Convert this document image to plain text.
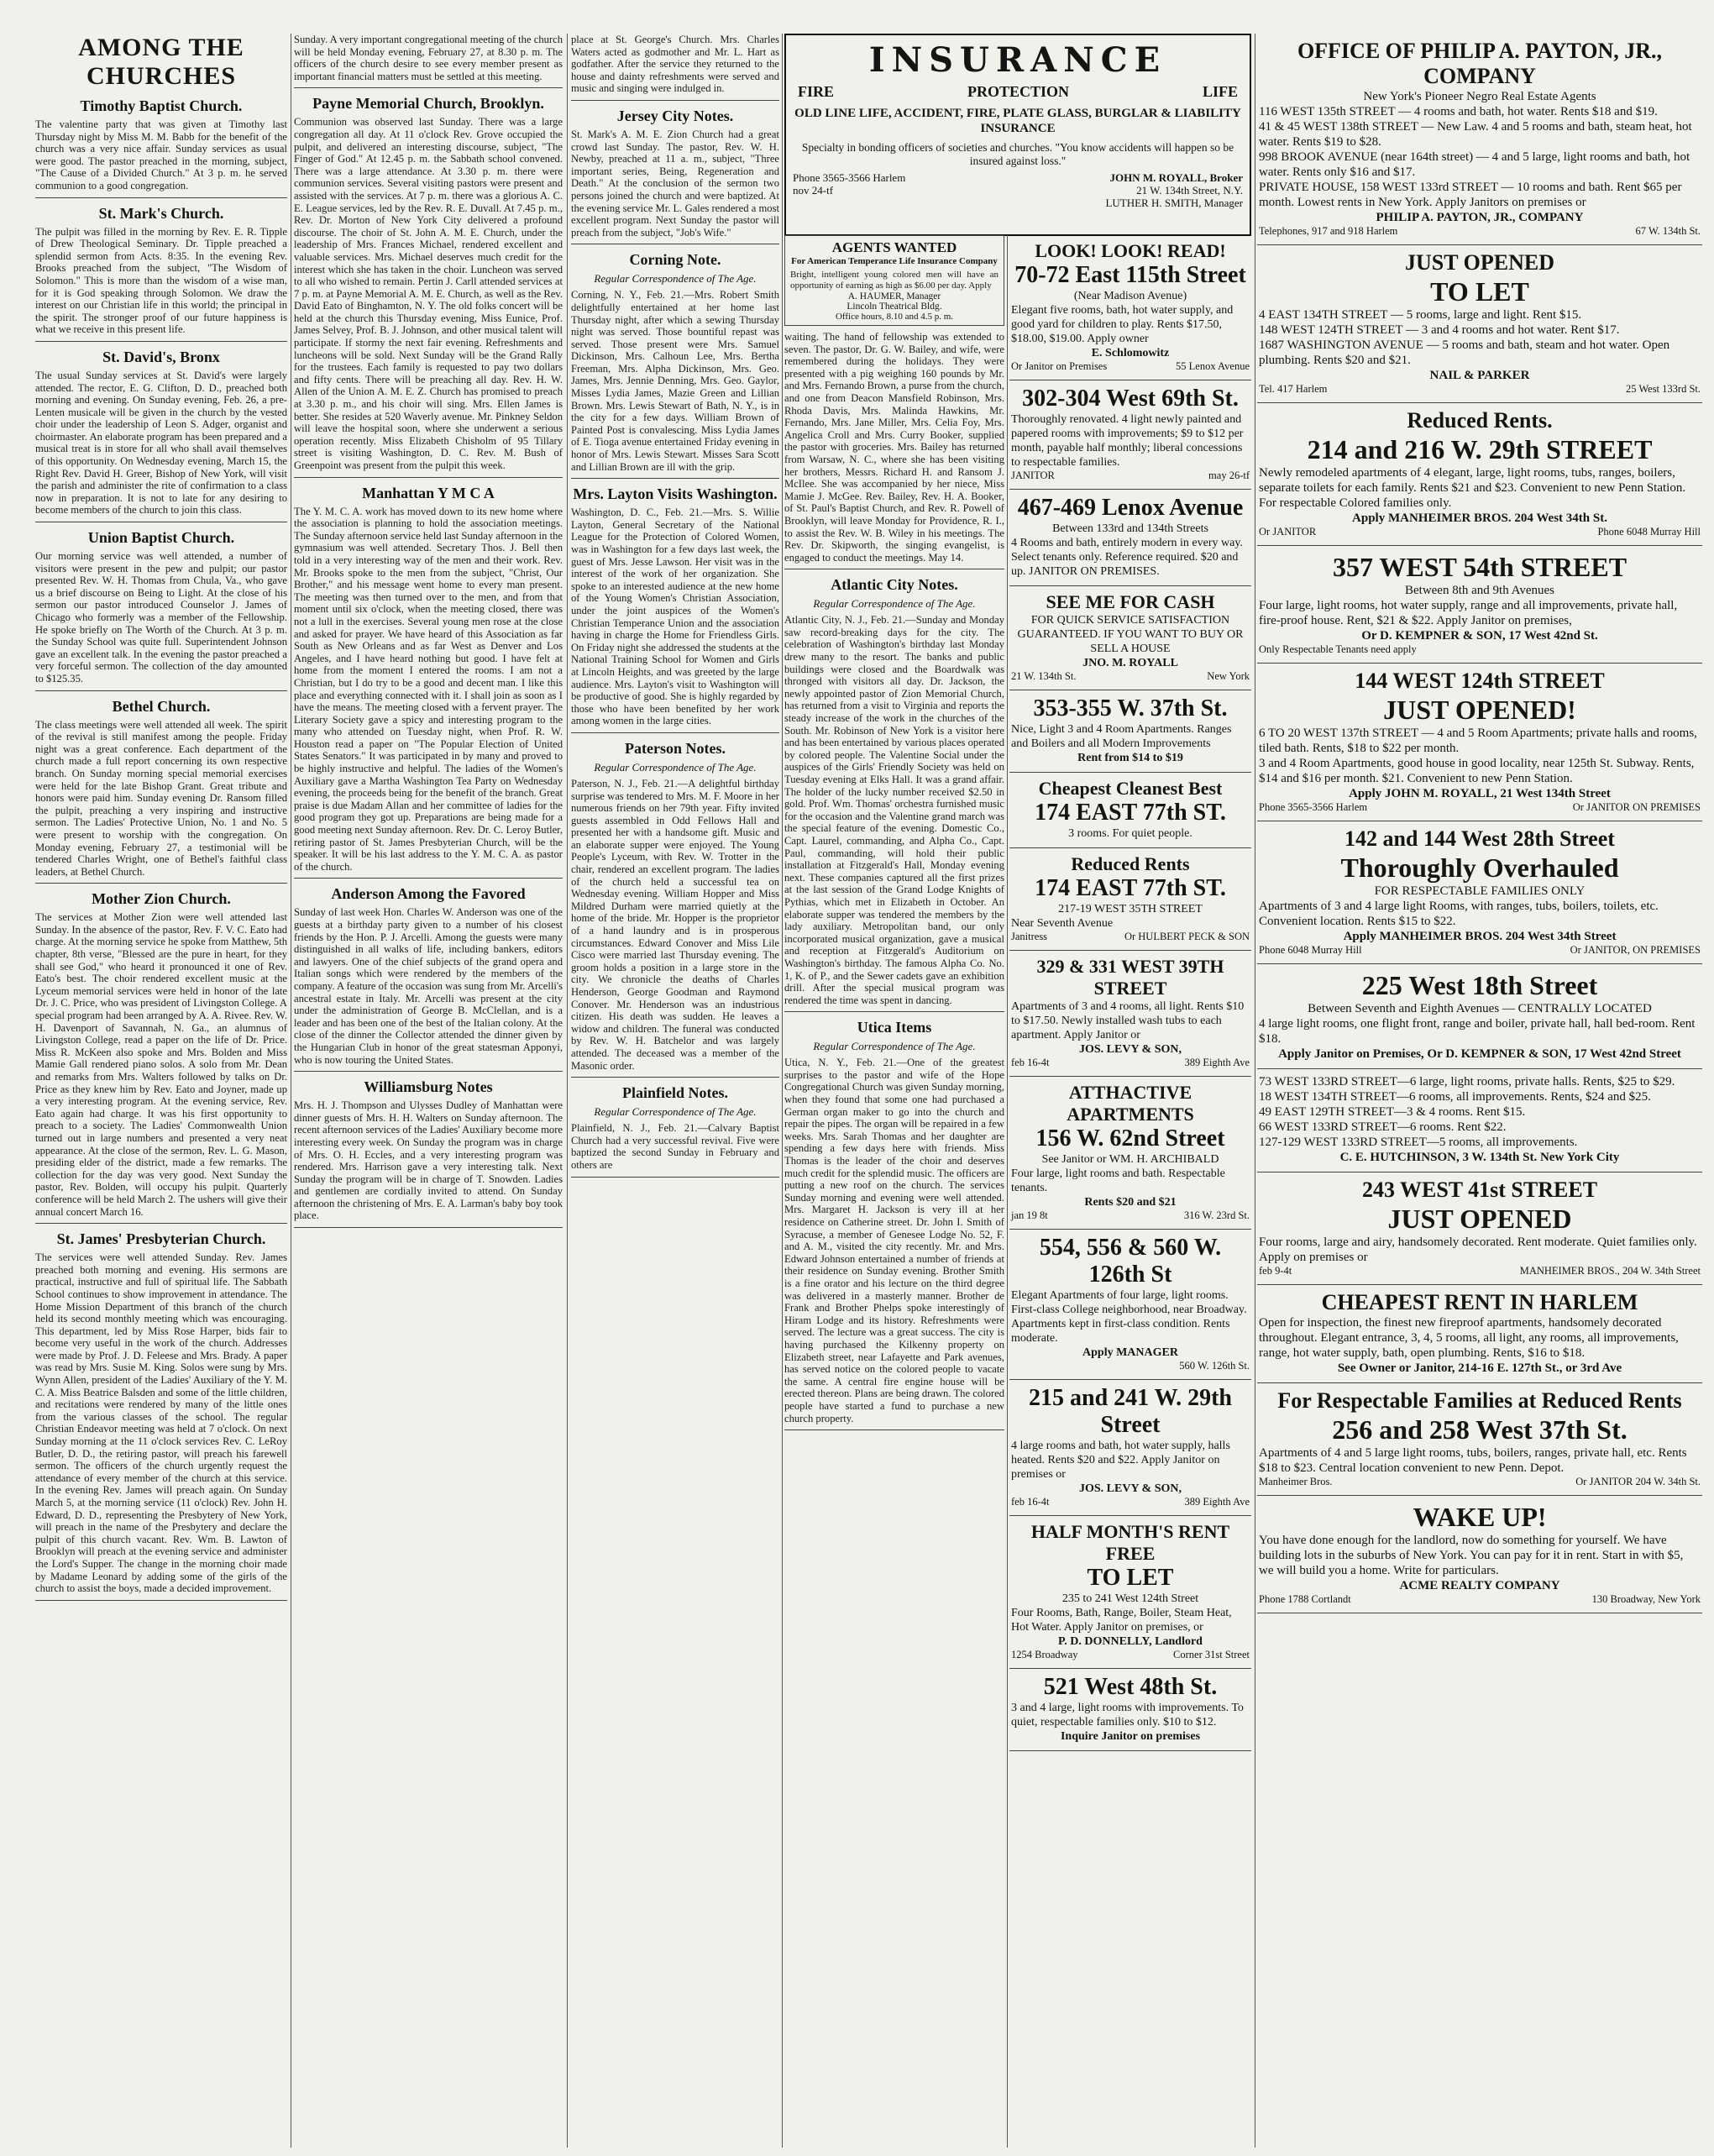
AMONG THE CHURCHES
Timothy Baptist Church.

The valentine party that was given at Timothy last Thursday night by Miss M. M. Babb for the benefit of the church was a very nice affair. Sunday services as usual were good. The pastor preached in the morning, subject, "The Cause of a Divided Church." At 3 p. m. he served communion to a good congregation.

St. Mark's Church.

The pulpit was filled in the morning by Rev. E. R. Tipple of Drew Theological Seminary. Dr. Tipple preached a splendid sermon from Acts. 8:35. In the evening Rev. Brooks preached from the subject, "The Wisdom of Solomon." This is more than the wisdom of a wise man, for it is God speaking through Solomon. We draw the interest on our Christian life in this world; the principal in the spirit. The stronger proof of our future happiness is what we receive in this present life.

St. David's, Bronx

The usual Sunday services at St. David's were largely attended. The rector, E. G. Clifton, D. D., preached both morning and evening. On Sunday evening, Feb. 26, a pre-Lenten musicale will be given in the church by the vested choir under the leadership of Leon S. Adger, organist and choirmaster. An elaborate program has been prepared and a musical treat is in store for all who shall avail themselves of this opportunity. On Wednesday evening, March 15, the Right Rev. David H. Greer, Bishop of New York, will visit the parish and administer the rite of confirmation to a class now in preparation. It is not to late for any desiring to become members of the church to join this class.

Union Baptist Church.

Our morning service was well attended, a number of visitors were present in the pew and pulpit; our pastor presented Rev. W. H. Thomas from Chula, Va., who gave us a brief discourse on Being to Light. At the close of his sermon our pastor introduced Counselor J. James of Chicago who formerly was a member of the Fellowship. He spoke briefly on The Worth of the Church. At 3 p. m. the Sunday School was quite full. Superintendent Johnson gave an excellent talk. In the evening the pastor preached a very forceful sermon. The collection of the day amounted to $125.35.

Bethel Church.

The class meetings were well attended all week. The spirit of the revival is still manifest among the people. Friday night was a great conference. Each department of the church made a full report concerning its own respective branch. On Sunday morning special memorial exercises were held for the late Bishop Grant. Great tribute and honors were paid him. Sunday evening Dr. Ransom filled the pulpit, preaching a very inspiring and instructive sermon. The Ladies' Protective Union, No. 1 and No. 5 were present to worship with the congregation. On Monday evening, February 27, a testimonial will be tendered Charles Wright, one of Bethel's faithful class leaders, at Bethel Church.

Mother Zion Church.

The services at Mother Zion were well attended last Sunday. In the absence of the pastor, Rev. F. V. C. Eato had charge. At the morning service he spoke from Matthew, 5th chapter, 8th verse, "Blessed are the pure in heart, for they shall see God," who heard it pronounced it one of Rev. Eato's best. The choir rendered excellent music at the Lyceum memorial services were held in honor of the late Dr. J. C. Price, who was president of Livingston College. A special program had been arranged by A. A. Rivee. Rev. W. H. Davenport of Savannah, N. Ga., an alumnus of Livingston College, read a paper on the life of Dr. Price. Miss R. McKeen also spoke and Mrs. Bolden and Miss Mamie Gall rendered piano solos. A solo from Mr. Dean and remarks from Mrs. Walters followed by talks on Dr. Price as they knew him by Rev. Eato and Joyner, made up a very interesting program. At the evening service, Rev. Eato again had charge. It was his first opportunity to preach to a society. The Ladies' Commonwealth Union turned out in large numbers and presented a very neat appearance. At the close of the sermon, Rev. L. G. Mason, presiding elder of the district, made a few remarks. The collection for the day was very good. Next Sunday the pastor, Rev. Bolden, will occupy his pulpit. Quarterly conference will be held March 2. The ushers will give their annual concert March 16.

St. James' Presbyterian Church.

The services were well attended Sunday. Rev. James preached both morning and evening. His sermons are practical, instructive and full of spiritual life. The Sabbath School continues to show improvement in attendance. The Home Mission Department of this branch of the church held its second monthly meeting which was encouraging. This department, led by Miss Rose Harper, bids fair to become very useful in the work of the church. Addresses were made by Prof. J. D. Feleese and Mrs. Brady. A paper was read by Mrs. Susie M. King. Solos were sung by Mrs. Wynn Allen, president of the Ladies' Auxiliary of the Y. M. C. A. Miss Beatrice Balsden and some of the little children, and recitations were rendered by many of the little ones from the various classes of the school. The regular Christian Endeavor meeting was held at 7 o'clock. On next Sunday morning at the 11 o'clock services Rev. C. LeRoy Butler, D. D., the retiring pastor, will preach his farewell sermon. The officers of the church urgently request the attendance of every member of the church at this service. In the evening Rev. James will preach again. On Sunday March 5, at the morning service (11 o'clock) Rev. John H. Edward, D. D., representing the Presbytery of New York, will preach in the name of the Presbytery and declare the pulpit of this church vacant. Rev. Wm. B. Lawton of Brooklyn will preach at the evening service and administer the Lord's Supper. The change in the morning choir made by Madame Leonard by adding some of the girls of the church to assist the boys, made a decided improvement.

Sunday. A very important congregational meeting of the church will be held Monday evening, February 27, at 8.30 p. m. The officers of the church desire to see every member present as important financial matters must be settled at this meeting.

Payne Memorial Church, Brooklyn.

Communion was observed last Sunday. There was a large congregation all day. At 11 o'clock Rev. Grove occupied the pulpit, and delivered an interesting discourse, subject, "The Finger of God." At 12.45 p. m. the Sabbath school convened. There was a large attendance. At 3.30 p. m. there were communion services. Several visiting pastors were present and assisted with the services. At 7 p. m. there was a glorious A. C. E. League services, led by the Rev. R. E. Duvall. At 7.45 p. m., Rev. Dr. Morton of New York City delivered a profound discourse. The choir of St. John A. M. E. Church, under the leadership of Mrs. Frances Michael, rendered excellent and valuable services. Mrs. Michael deserves much credit for the interest which she has taken in the choir. Luncheon was served to all who wished to remain. Pertin J. Carll attended services at 7 p. m. at Payne Memorial A. M. E. Church, as well as the Rev. David Eato of Binghamton, N. Y. The old folks concert will be held at the church this Thursday evening, Miss Eunice, Prof. James Selvey, Prof. B. J. Johnson, and other musical talent will participate. If stormy the next fair evening. Refreshments and luncheons will be sold. Next Sunday will be the Grand Rally for the trustees. Each family is requested to pay two dollars and fifty cents. There will be preaching all day. Rev. H. W. Allen of the Union A. M. E. Z. Church has promised to preach at 3.30 p. m., and his choir will sing. Mrs. Ellen James is better. She resides at 520 Waverly avenue. Mr. Pinkney Seldon will leave the hospital soon, where she underwent a serious operation recently. Miss Elizabeth Chisholm of 95 Tillary street is visiting Washington, D. C. Rev. M. Bush of Greenpoint was present from the pulpit this week.

Manhattan Y M C A

The Y. M. C. A. work has moved down to its new home where the association is planning to hold the association meetings. The Sunday afternoon service held last Sunday afternoon in the gymnasium was well attended. Secretary Thos. J. Bell then told in a very interesting way of the men and their work. Rev. Mr. Brooks spoke to the men from the subject, "Christ, Our Brother," and his message went home to every man present. The meeting was then turned over to the men, and from that moment until six o'clock, when the meeting closed, there was not a lull in the exercises. Several young men rose at the close and asked for prayer. We have heard of this Association as far South as New Orleans and as far West as Denver and Los Angeles, and I have heard nothing but good. I have felt at home from the moment I entered the rooms. I am not a Christian, but I do try to be a good and decent man. I like this place and everything connected with it. I shall join as soon as I have the means. The meeting closed with a fervent prayer. The Literary Society gave a spicy and interesting program to the many who attended on Tuesday night, when Prof. R. W. Houston read a paper on "The Popular Election of United States Senators." It was participated in by many and proved to be highly instructive and helpful. The ladies of the Women's Auxiliary gave a Martha Washington Tea Party on Wednesday evening, the proceeds being for the benefit of the branch. Great praise is due Madam Allan and her committee of ladies for the good program they got up. Preparations are being made for a good meeting next Sunday afternoon. Rev. Dr. C. Leroy Butler, retiring pastor of St. James Presbyterian Church, will be the speaker. It will be his last address to the Y. M. C. A. as pastor of the church.

Anderson Among the Favored

Sunday of last week Hon. Charles W. Anderson was one of the guests at a birthday party given to a number of his closest friends by the Hon. P. J. Arcelli. Among the guests were many distinguished in all walks of life, including bankers, editors and lawyers. One of the chief subjects of the grand opera and Italian songs which were rendered by the members of the company. A feature of the occasion was sung from Mr. Arcelli's ancestral estate in Italy. Mr. Arcelli was present at the city under the administration of George B. McClellan, and is a leader and has been one of the best of the Italian colony. At the close of the dinner the Collector attended the dinner given by the Hungarian Club in honor of the great statesman Apponyi, who is now touring the United States.

Williamsburg Notes

Mrs. H. J. Thompson and Ulysses Dudley of Manhattan were dinner guests of Mrs. H. H. Walters on Sunday afternoon. The recent afternoon services of the Ladies' Auxiliary become more interesting every week. On Sunday the program was in charge of Mrs. O. H. Eccles, and a very interesting program was rendered. Mrs. Harrison gave a very interesting talk. Next Sunday the program will be in charge of T. Snowden. Ladies and gentlemen are cordially invited to attend. On Sunday afternoon the christening of Mrs. E. A. Larman's baby boy took place.

place at St. George's Church. Mrs. Charles Waters acted as godmother and Mr. L. Hart as godfather. After the service they returned to the house and dainty refreshments were served and music and singing were indulged in.

Jersey City Notes.

St. Mark's A. M. E. Zion Church had a great crowd last Sunday. The pastor, Rev. W. H. Newby, preached at 11 a. m., subject, "Three important series, Being, Regeneration and Death." At the conclusion of the sermon two persons joined the church and were baptized. At the evening service Mr. L. Gales rendered a most excellent program. Next Sunday the pastor will preach from the subject, "Job's Wife."

Corning Note.
Regular Correspondence of The Age.

Corning, N. Y., Feb. 21.—Mrs. Robert Smith delightfully entertained at her home last Thursday night, after which a sewing Thursday night was served. Those bountiful repast was served. Those present were Mrs. Samuel Dickinson, Mrs. Calhoun Lee, Mrs. Bertha Freeman, Mrs. Alpha Dickinson, Mrs. Geo. James, Mrs. Jennie Denning, Mrs. Geo. Gaylor, Misses Lydia James, Mazie Green and Lillian Brown. Mrs. Lewis Stewart of Bath, N. Y., is in the city for a few days. William Brown of Painted Post is convalescing. Miss Lydia James of E. Tioga avenue entertained Friday evening in honor of Mrs. Lewis Stewart. Misses Sara Scott and Lillian Brown are ill with the grip.

Mrs. Layton Visits Washington.

Washington, D. C., Feb. 21.—Mrs. S. Willie Layton, General Secretary of the National League for the Protection of Colored Women, was in Washington for a few days last week, the guest of Mrs. Jesse Lawson. Her visit was in the interest of the work of her organization. She spoke to an interested audience at the new home of the Young Women's Christian Association, under the joint auspices of the Women's Christian Temperance Union and the association having in charge the Home for Friendless Girls. On Friday night she addressed the students at the National Training School for Women and Girls at Lincoln Heights, and was greeted by the large audience. Mrs. Layton's visit to Washington will be productive of good. She is highly regarded by those who have been benefited by her work among women in the large cities.

Paterson Notes.
Regular Correspondence of The Age.

Paterson, N. J., Feb. 21.—A delightful birthday surprise was tendered to Mrs. M. F. Moore in her numerous friends on her 79th year. Fifty invited guests assembled in Odd Fellows Hall and presented her with a handsome gift. Music and an elaborate supper were enjoyed. The Young People's Lyceum, with Rev. W. Trotter in the chair, rendered an excellent program. The ladies of the church held a successful tea on Wednesday evening. William Hopper and Miss Mildred Durham were married quietly at the home of the bride. Mr. Hopper is the proprietor of a hand laundry and is in prosperous circumstances. Edward Conover and Miss Lile Cisco were married last Thursday evening. The groom holds a position in a large store in the city. We chronicle the deaths of Charles Henderson, George Goodman and Raymond Conover. Mr. Henderson was an industrious citizen. His death was sudden. He leaves a widow and children. The funeral was conducted by Rev. W. H. Batchelor and was largely attended. The deceased was a member of the Masonic order.

Plainfield Notes.
Regular Correspondence of The Age.

Plainfield, N. J., Feb. 21.—Calvary Baptist Church had a very successful revival. Five were baptized the second Sunday in February and others are

INSURANCE
FIRE	PROTECTION	LIFE
OLD LINE LIFE, ACCIDENT, FIRE, PLATE GLASS, BURGLAR & LIABILITY INSURANCE
Specialty in bonding officers of societies and churches. "You know accidents will happen so be insured against loss."
Phone 3565-3566 Harlem
nov 24-tf
JOHN M. ROYALL, Broker
21 W. 134th Street, N.Y.
LUTHER H. SMITH, Manager
AGENTS WANTED
For American Temperance Life Insurance Company

Bright, intelligent young colored men will have an opportunity of earning as high as $6.00 per day. Apply

A. HAUMER, Manager
Lincoln Theatrical Bldg.
Office hours, 8.10 and 4.5 p. m.

waiting. The hand of fellowship was extended to seven. The pastor, Dr. G. W. Bailey, and wife, were remembered during the holidays. They were presented with a pig weighing 160 pounds by Mr. and Mrs. Fernando Brown, a purse from the church, and one from Deacon Mansfield Robinson, Mrs. Rhoda Davis, Mrs. Malinda Hawkins, Mr. Fernando, Mrs. Jane Miller, Mrs. Celia Foy, Mrs. Angelica Croll and Mrs. Curry Booker, supplied the pastor with groceries. Mrs. Bailey has returned from Warsaw, N. C., where she has been visiting her brothers, Messrs. Richard H. and Ransom J. McIlee. She was accompanied by her niece, Miss Mamie J. McGee. Rev. Bailey, Rev. H. A. Booker, of St. Paul's Baptist Church, and Rev. R. Powell of Brooklyn, will leave Monday for Providence, R. I., to assist the Rev. W. B. Wiley in his meetings. The Rev. Dr. Skipworth, the singing evangelist, is engaged to conduct the meetings. May 14.

Atlantic City Notes.
Regular Correspondence of The Age.

Atlantic City, N. J., Feb. 21.—Sunday and Monday saw record-breaking days for the city. The celebration of Washington's birthday last Monday drew many to the resort. The banks and public buildings were closed and the Boardwalk was thronged with visitors all day. Dr. Jackson, the newly appointed pastor of Zion Memorial Church, has returned from a visit to Virginia and reports the steady increase of the work in the churches of the South. Mr. Robinson of New York is a visitor here and has been entertained by various places operated by colored people. The Valentine Social under the auspices of the Girls' Friendly Society was held on Tuesday evening at Elks Hall. It was a grand affair. The holder of the lucky number received $2.50 in gold. Prof. Wm. Thomas' orchestra furnished music for the occasion and the Valentine grand march was the special feature of the evening. Domestic Co., Capt. Laurel, commanding, and Alpha Co., Capt. Paul, commanding, will hold their public installation at Fitzgerald's Hall, Monday evening next. These companies captured all the first prizes at the last session of the Grand Lodge Knights of Pythias, which met in Elizabeth in October. An elaborate supper was tendered the members by the lady auxiliary. Metropolitan band, our only incorporated musical organization, gave a musical and reception at Fitzgerald's Auditorium on Washington's birthday. The famous Alpha Co. No. 1, K. of P., and the Sewer cadets gave an exhibition drill. After the special musical program was rendered the time was spent in dancing.

Utica Items
Regular Correspondence of The Age.

Utica, N. Y., Feb. 21.—One of the greatest surprises to the pastor and wife of the Hope Congregational Church was given Sunday morning, when they found that some one had purchased a German organ maker to go into the church and repair the pipes. The organ will be repaired in a few weeks. Mrs. Sarah Thomas and her daughter are spending a few days here with friends. Miss Thomas is the leader of the choir and deserves much credit for the splendid music. The officers are putting a new roof on the church. The services Sunday morning and evening were well attended. Mrs. Margaret H. Jackson is very ill at her residence on Catherine street. Dr. John I. Smith of Syracuse, a member of Genesee Lodge No. 52, F. and A. M., visited the city recently. Mr. and Mrs. Edward Johnson entertained a number of friends at their residence on Sunday evening. Brother Smith is a fine orator and his lecture on the third degree was delivered in a masterly manner. Brother de Frank and Brother Phelps spoke interestingly of Hiram Lodge and its history. Refreshments were served. The lecture was a great success. The city is having purchased the Kilkenny property on Elizabeth street, near Lafayette and Park avenues, has served notice on the colored people to vacate the same. A central fire engine house will be erected thereon. Plans are being drawn. The colored people have started a fund to purchase a new church property.

LOOK! LOOK! READ!
70-72 East 115th Street
(Near Madison Avenue)
Elegant five rooms, bath, hot water supply, and good yard for children to play. Rents $17.50, $18.00, $19.00. Apply owner
E. Schlomowitz
Or Janitor on Premises	55 Lenox Avenue
302-304 West 69th St.
Thoroughly renovated. 4 light newly painted and papered rooms with improvements; $9 to $12 per month, payable half monthly; liberal concessions to respectable families.
JANITOR	may 26-tf
467-469 Lenox Avenue
Between 133rd and 134th Streets
4 Rooms and bath, entirely modern in every way. Select tenants only. Reference required. $20 and up. JANITOR ON PREMISES.
SEE ME FOR CASH
FOR QUICK SERVICE SATISFACTION GUARANTEED. IF YOU WANT TO BUY OR SELL A HOUSE
JNO. M. ROYALL
21 W. 134th St.	New York
353-355 W. 37th St.
Nice, Light 3 and 4 Room Apartments. Ranges and Boilers and all Modern Improvements
Rent from $14 to $19
Cheapest Cleanest Best
174 EAST 77th ST.
3 rooms. For quiet people.
Reduced Rents
174 EAST 77th ST.
217-19 WEST 35TH STREET
Near Seventh Avenue
Janitress	Or HULBERT PECK & SON
329 & 331 WEST 39TH STREET
Apartments of 3 and 4 rooms, all light. Rents $10 to $17.50. Newly installed wash tubs to each apartment. Apply Janitor or
JOS. LEVY & SON,
feb 16-4t	389 Eighth Ave
ATTHACTIVE APARTMENTS
156 W. 62nd Street
See Janitor or WM. H. ARCHIBALD
Four large, light rooms and bath. Respectable tenants.
Rents $20 and $21
jan 19 8t	316 W. 23rd St.
554, 556 & 560 W. 126th St
Elegant Apartments of four large, light rooms. First-class College neighborhood, near Broadway. Apartments kept in first-class condition. Rents moderate.
Apply MANAGER
560 W. 126th St.
215 and 241 W. 29th Street
4 large rooms and bath, hot water supply, halls heated. Rents $20 and $22. Apply Janitor on premises or
JOS. LEVY & SON,
feb 16-4t	389 Eighth Ave
HALF MONTH'S RENT FREE
TO LET
235 to 241 West 124th Street
Four Rooms, Bath, Range, Boiler, Steam Heat, Hot Water. Apply Janitor on premises, or
P. D. DONNELLY, Landlord
1254 Broadway	Corner 31st Street
521 West 48th St.
3 and 4 large, light rooms with improvements. To quiet, respectable families only. $10 to $12.
Inquire Janitor on premises
OFFICE OF PHILIP A. PAYTON, JR., COMPANY
New York's Pioneer Negro Real Estate Agents
116 WEST 135th STREET — 4 rooms and bath, hot water. Rents $18 and $19.
41 & 45 WEST 138th STREET — New Law. 4 and 5 rooms and bath, steam heat, hot water. Rents $19 to $28.
998 BROOK AVENUE (near 164th street) — 4 and 5 large, light rooms and bath, hot water. Rents only $16 and $17.
PRIVATE HOUSE, 158 WEST 133rd STREET — 10 rooms and bath. Rent $65 per month. Lowest rents in New York. Apply Janitors on premises or
PHILIP A. PAYTON, JR., COMPANY
Telephones, 917 and 918 Harlem	67 W. 134th St.
JUST OPENED
TO LET
4 EAST 134TH STREET — 5 rooms, large and light. Rent $15.
148 WEST 124TH STREET — 3 and 4 rooms and hot water. Rent $17.
1687 WASHINGTON AVENUE — 5 rooms and bath, steam and hot water. Open plumbing. Rents $20 and $21.
NAIL & PARKER
Tel. 417 Harlem	25 West 133rd St.
Reduced Rents.
214 and 216 W. 29th STREET
Newly remodeled apartments of 4 elegant, large, light rooms, tubs, ranges, boilers, separate toilets for each family. Rents $21 and $23. Convenient to new Penn Station. For respectable Colored families only.
Apply MANHEIMER BROS. 204 West 34th St.
Or JANITOR	Phone 6048 Murray Hill
357 WEST 54th STREET
Between 8th and 9th Avenues
Four large, light rooms, hot water supply, range and all improvements, private hall, fire-proof house. Rent, $21 & $22. Apply Janitor on premises,
Or D. KEMPNER & SON, 17 West 42nd St.
Only Respectable Tenants need apply
144 WEST 124th STREET
JUST OPENED!
6 TO 20 WEST 137th STREET — 4 and 5 Room Apartments; private halls and rooms, tiled bath. Rents, $18 to $22 per month.
3 and 4 Room Apartments, good house in good locality, near 125th St. Subway. Rents, $14 and $16 per month. $21. Convenient to new Penn Station.
Apply JOHN M. ROYALL, 21 West 134th Street
Phone 3565-3566 Harlem	Or JANITOR ON PREMISES
142 and 144 West 28th Street
Thoroughly Overhauled
FOR RESPECTABLE FAMILIES ONLY
Apartments of 3 and 4 large light Rooms, with ranges, tubs, boilers, toilets, etc. Convenient location. Rents $15 to $22.
Apply MANHEIMER BROS. 204 West 34th Street
Phone 6048 Murray Hill	Or JANITOR, ON PREMISES
225 West 18th Street
Between Seventh and Eighth Avenues — CENTRALLY LOCATED
4 large light rooms, one flight front, range and boiler, private hall, hall bed-room. Rent $18.
Apply Janitor on Premises, Or D. KEMPNER & SON, 17 West 42nd Street
73 WEST 133RD STREET—6 large, light rooms, private halls. Rents, $25 to $29.
18 WEST 134TH STREET—6 rooms, all improvements. Rents, $24 and $25.
49 EAST 129TH STREET—3 & 4 rooms. Rent $15.
66 WEST 133RD STREET—6 rooms. Rent $22.
127-129 WEST 133RD STREET—5 rooms, all improvements.
C. E. HUTCHINSON, 3 W. 134th St. New York City
243 WEST 41st STREET
JUST OPENED
Four rooms, large and airy, handsomely decorated. Rent moderate. Quiet families only. Apply on premises or
feb 9-4t	MANHEIMER BROS., 204 W. 34th Street
CHEAPEST RENT IN HARLEM
Open for inspection, the finest new fireproof apartments, handsomely decorated throughout. Elegant entrance, 3, 4, 5 rooms, all light, any rooms, all improvements, range, hot water supply, bath, open plumbing. Rents, $16 to $18.
See Owner or Janitor, 214-16 E. 127th St., or 3rd Ave
For Respectable Families at Reduced Rents
256 and 258 West 37th St.
Apartments of 4 and 5 large light rooms, tubs, boilers, ranges, private hall, etc. Rents $18 to $23. Central location convenient to new Penn. Depot.
Manheimer Bros.	Or JANITOR 204 W. 34th St.
WAKE UP!
You have done enough for the landlord, now do something for yourself. We have building lots in the suburbs of New York. You can pay for it in rent. Start in with $5, we will build you a home. Write for particulars.
ACME REALTY COMPANY
Phone 1788 Cortlandt	130 Broadway, New York
